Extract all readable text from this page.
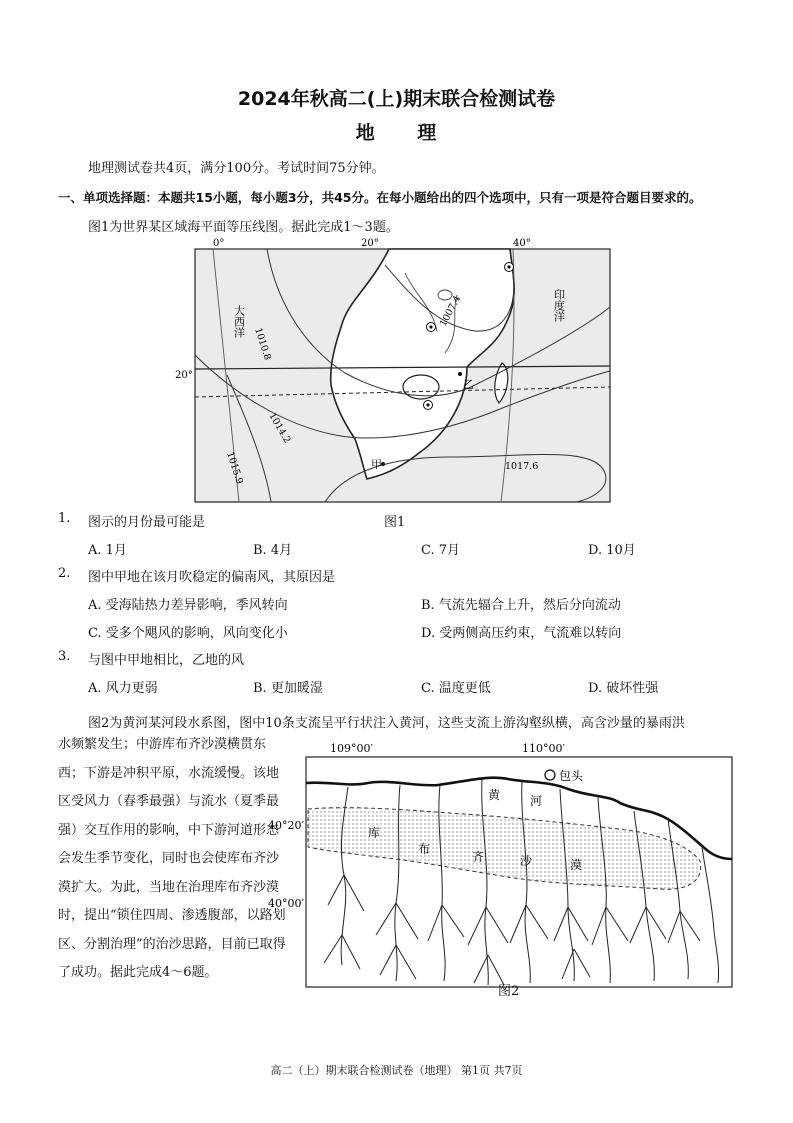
2024年秋高二(上)期末联合检测试卷
地 理
地理测试卷共4页，满分100分。考试时间75分钟。
一、单项选择题：本题共15小题，每小题3分，共45分。在每小题给出的四个选项中，只有一项是符合题目要求的。
图1为世界某区域海平面等压线图。据此完成1～3题。
0°	20°	40°
20°
1007.4
1010.8
1014.2
1015.9	1017.6
大西洋	印度洋
乙
甲
1. 图示的月份最可能是	图1
A. 1月	B. 4月	C. 7月	D. 10月
2. 图中甲地在该月吹稳定的偏南风，其原因是
A. 受海陆热力差异影响，季风转向	B. 气流先辐合上升，然后分向流动
C. 受多个飓风的影响，风向变化小	D. 受两侧高压约束，气流难以转向
3. 与图中甲地相比，乙地的风
A. 风力更弱	B. 更加暖湿	C. 温度更低	D. 破坏性强
图2为黄河某河段水系图，图中10条支流呈平行状注入黄河，这些支流上游沟壑纵横，高含沙量的暴雨洪
水频繁发生；中游库布齐沙漠横贯东西；下游是冲积平原，水流缓慢。该地区受风力（春季最强）与流水（夏季最强）交互作用的影响，中下游河道形态会发生季节变化，同时也会使库布齐沙漠扩大。为此，当地在治理库布齐沙漠时，提出“锁住四周、渗透腹部，以路划区、分割治理”的治沙思路，目前已取得了成功。据此完成4～6题。
109°00′	110°00′
40°20′
40°00′
包头
黄 河
库
布
齐	沙	漠
图2
高二（上）期末联合检测试卷（地理） 第1页 共7页
